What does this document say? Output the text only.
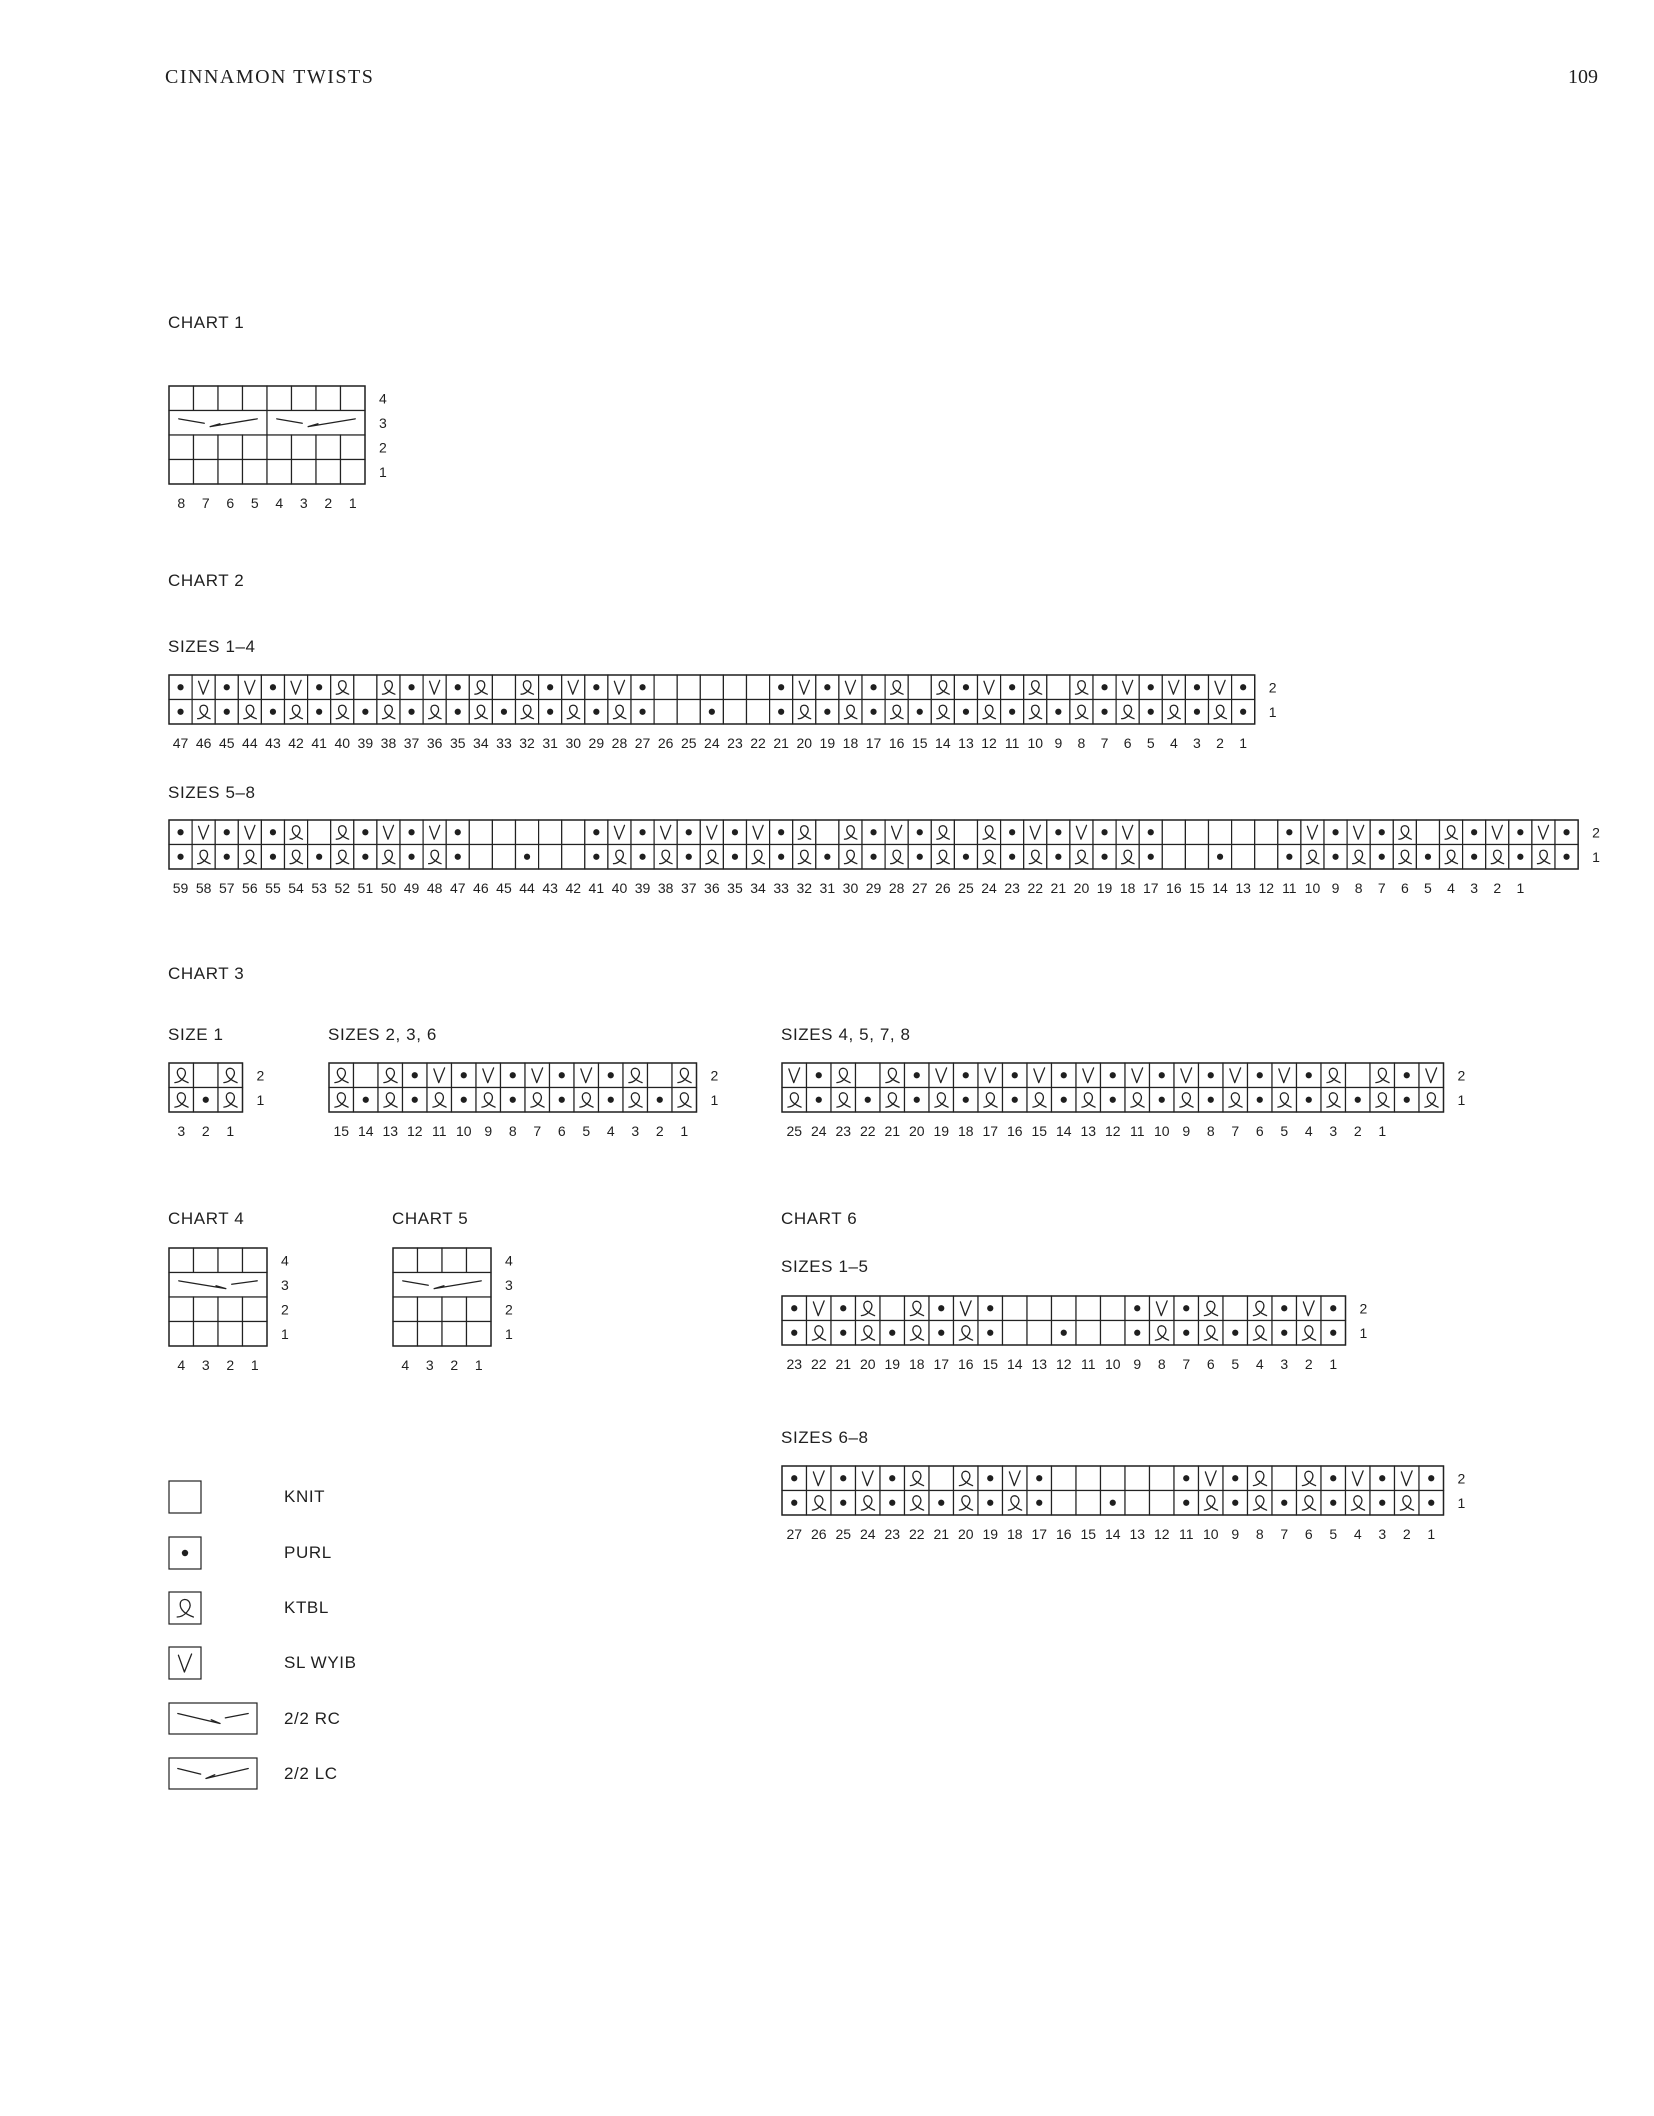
CINNAMON TWISTS	109
CHART 1
4
3
2
1
8 7 6 5 4 3 2 1
CHART 2
SIZES 1–4
2
1
47 46 45 44 43 42 41 40 39 38 37 36 35 34 33 32 31 30 29 28 27 26 25 24 23 22 21 20 19 18 17 16 15 14 13 12 11 10 9 8 7 6 5 4 3 2 1
SIZES 5–8
2
1
59 58 57 56 55 54 53 52 51 50 49 48 47 46 45 44 43 42 41 40 39 38 37 36 35 34 33 32 31 30 29 28 27 26 25 24 23 22 21 20 19 18 17 16 15 14 13 12 11 10 9 8 7 6 5 4 3 2 1
CHART 3
SIZE 1
2
1
3 2 1
SIZES 2, 3, 6
2
1
15 14 13 12 11 10 9 8 7 6 5 4 3 2 1
SIZES 4, 5, 7, 8
2
1
25 24 23 22 21 20 19 18 17 16 15 14 13 12 11 10 9 8 7 6 5 4 3 2 1
CHART 4
4
3
2
1
4 3 2 1
CHART 5
4
3
2
1
4 3 2 1
CHART 6
SIZES 1–5
2
1
23 22 21 20 19 18 17 16 15 14 13 12 11 10 9 8 7 6 5 4 3 2 1
SIZES 6–8
2
1
27 26 25 24 23 22 21 20 19 18 17 16 15 14 13 12 11 10 9 8 7 6 5 4 3 2 1
KNIT
PURL
KTBL
SL WYIB
2/2 RC
2/2 LC
